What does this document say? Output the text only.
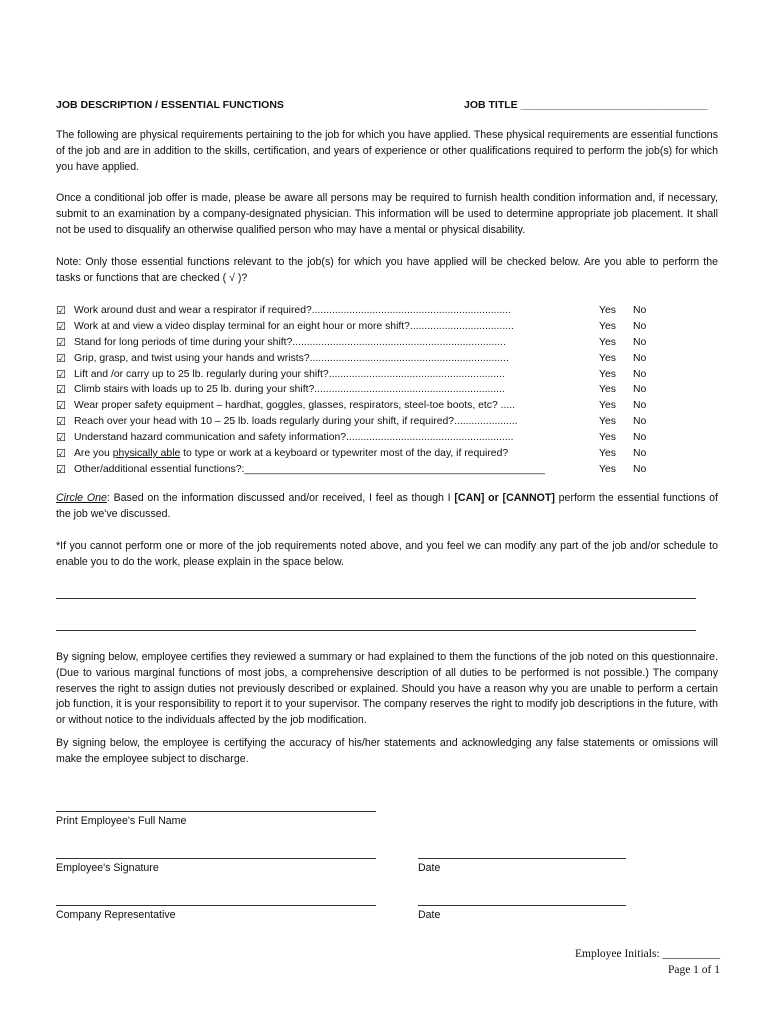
JOB DESCRIPTION / ESSENTIAL FUNCTIONS	JOB TITLE ________________________________
The following are physical requirements pertaining to the job for which you have applied. These physical requirements are essential functions of the job and are in addition to the skills, certification, and years of experience or other qualifications required to perform the job(s) for which you have applied.
Once a conditional job offer is made, please be aware all persons may be required to furnish health condition information and, if necessary, submit to an examination by a company-designated physician. This information will be used to determine appropriate job placement. It shall not be used to disqualify an otherwise qualified person who may have a mental or physical disability.
Note: Only those essential functions relevant to the job(s) for which you have applied will be checked below. Are you able to perform the tasks or functions that are checked ( √ )?
☑ Work around dust and wear a respirator if required?.....................................................................	Yes No
☑ Work at and view a video display terminal for an eight hour or more shift?....................................	Yes No
☑ Stand for long periods of time during your shift?..........................................................................	Yes No
☑ Grip, grasp, and twist using your hands and wrists?.....................................................................	Yes No
☑ Lift and /or carry up to 25 lb. regularly during your shift?.............................................................	Yes No
☑ Climb stairs with loads up to 25 lb. during your shift?..................................................................	Yes No
☑ Wear proper safety equipment – hardhat, goggles, glasses, respirators, steel-toe boots, etc? .....	Yes No
☑ Reach over your head with 10 – 25 lb. loads regularly during your shift, if required?......................	Yes No
☑ Understand hazard communication and safety information?..........................................................	Yes No
☑ Are you physically able to type or work at a keyboard or typewriter most of the day, if required?	Yes No
☑ Other/additional essential functions?:____________________________________________________	Yes No
Circle One: Based on the information discussed and/or received, I feel as though I [CAN] or [CANNOT] perform the essential functions of the job we've discussed.
*If you cannot perform one or more of the job requirements noted above, and you feel we can modify any part of the job and/or schedule to enable you to do the work, please explain in the space below.
By signing below, employee certifies they reviewed a summary or had explained to them the functions of the job noted on this questionnaire. (Due to various marginal functions of most jobs, a comprehensive description of all duties to be performed is not possible.) The company reserves the right to assign duties not previously described or explained. Should you have a reason why you are unable to perform a certain job function, it is your responsibility to report it to your supervisor. The company reserves the right to modify job descriptions in the future, with or without notice to the individuals affected by the job modification.
By signing below, the employee is certifying the accuracy of his/her statements and acknowledging any false statements or omissions will make the employee subject to discharge.
Print Employee's Full Name
Employee's Signature	Date
Company Representative	Date
Employee Initials: __________
Page 1 of 1
